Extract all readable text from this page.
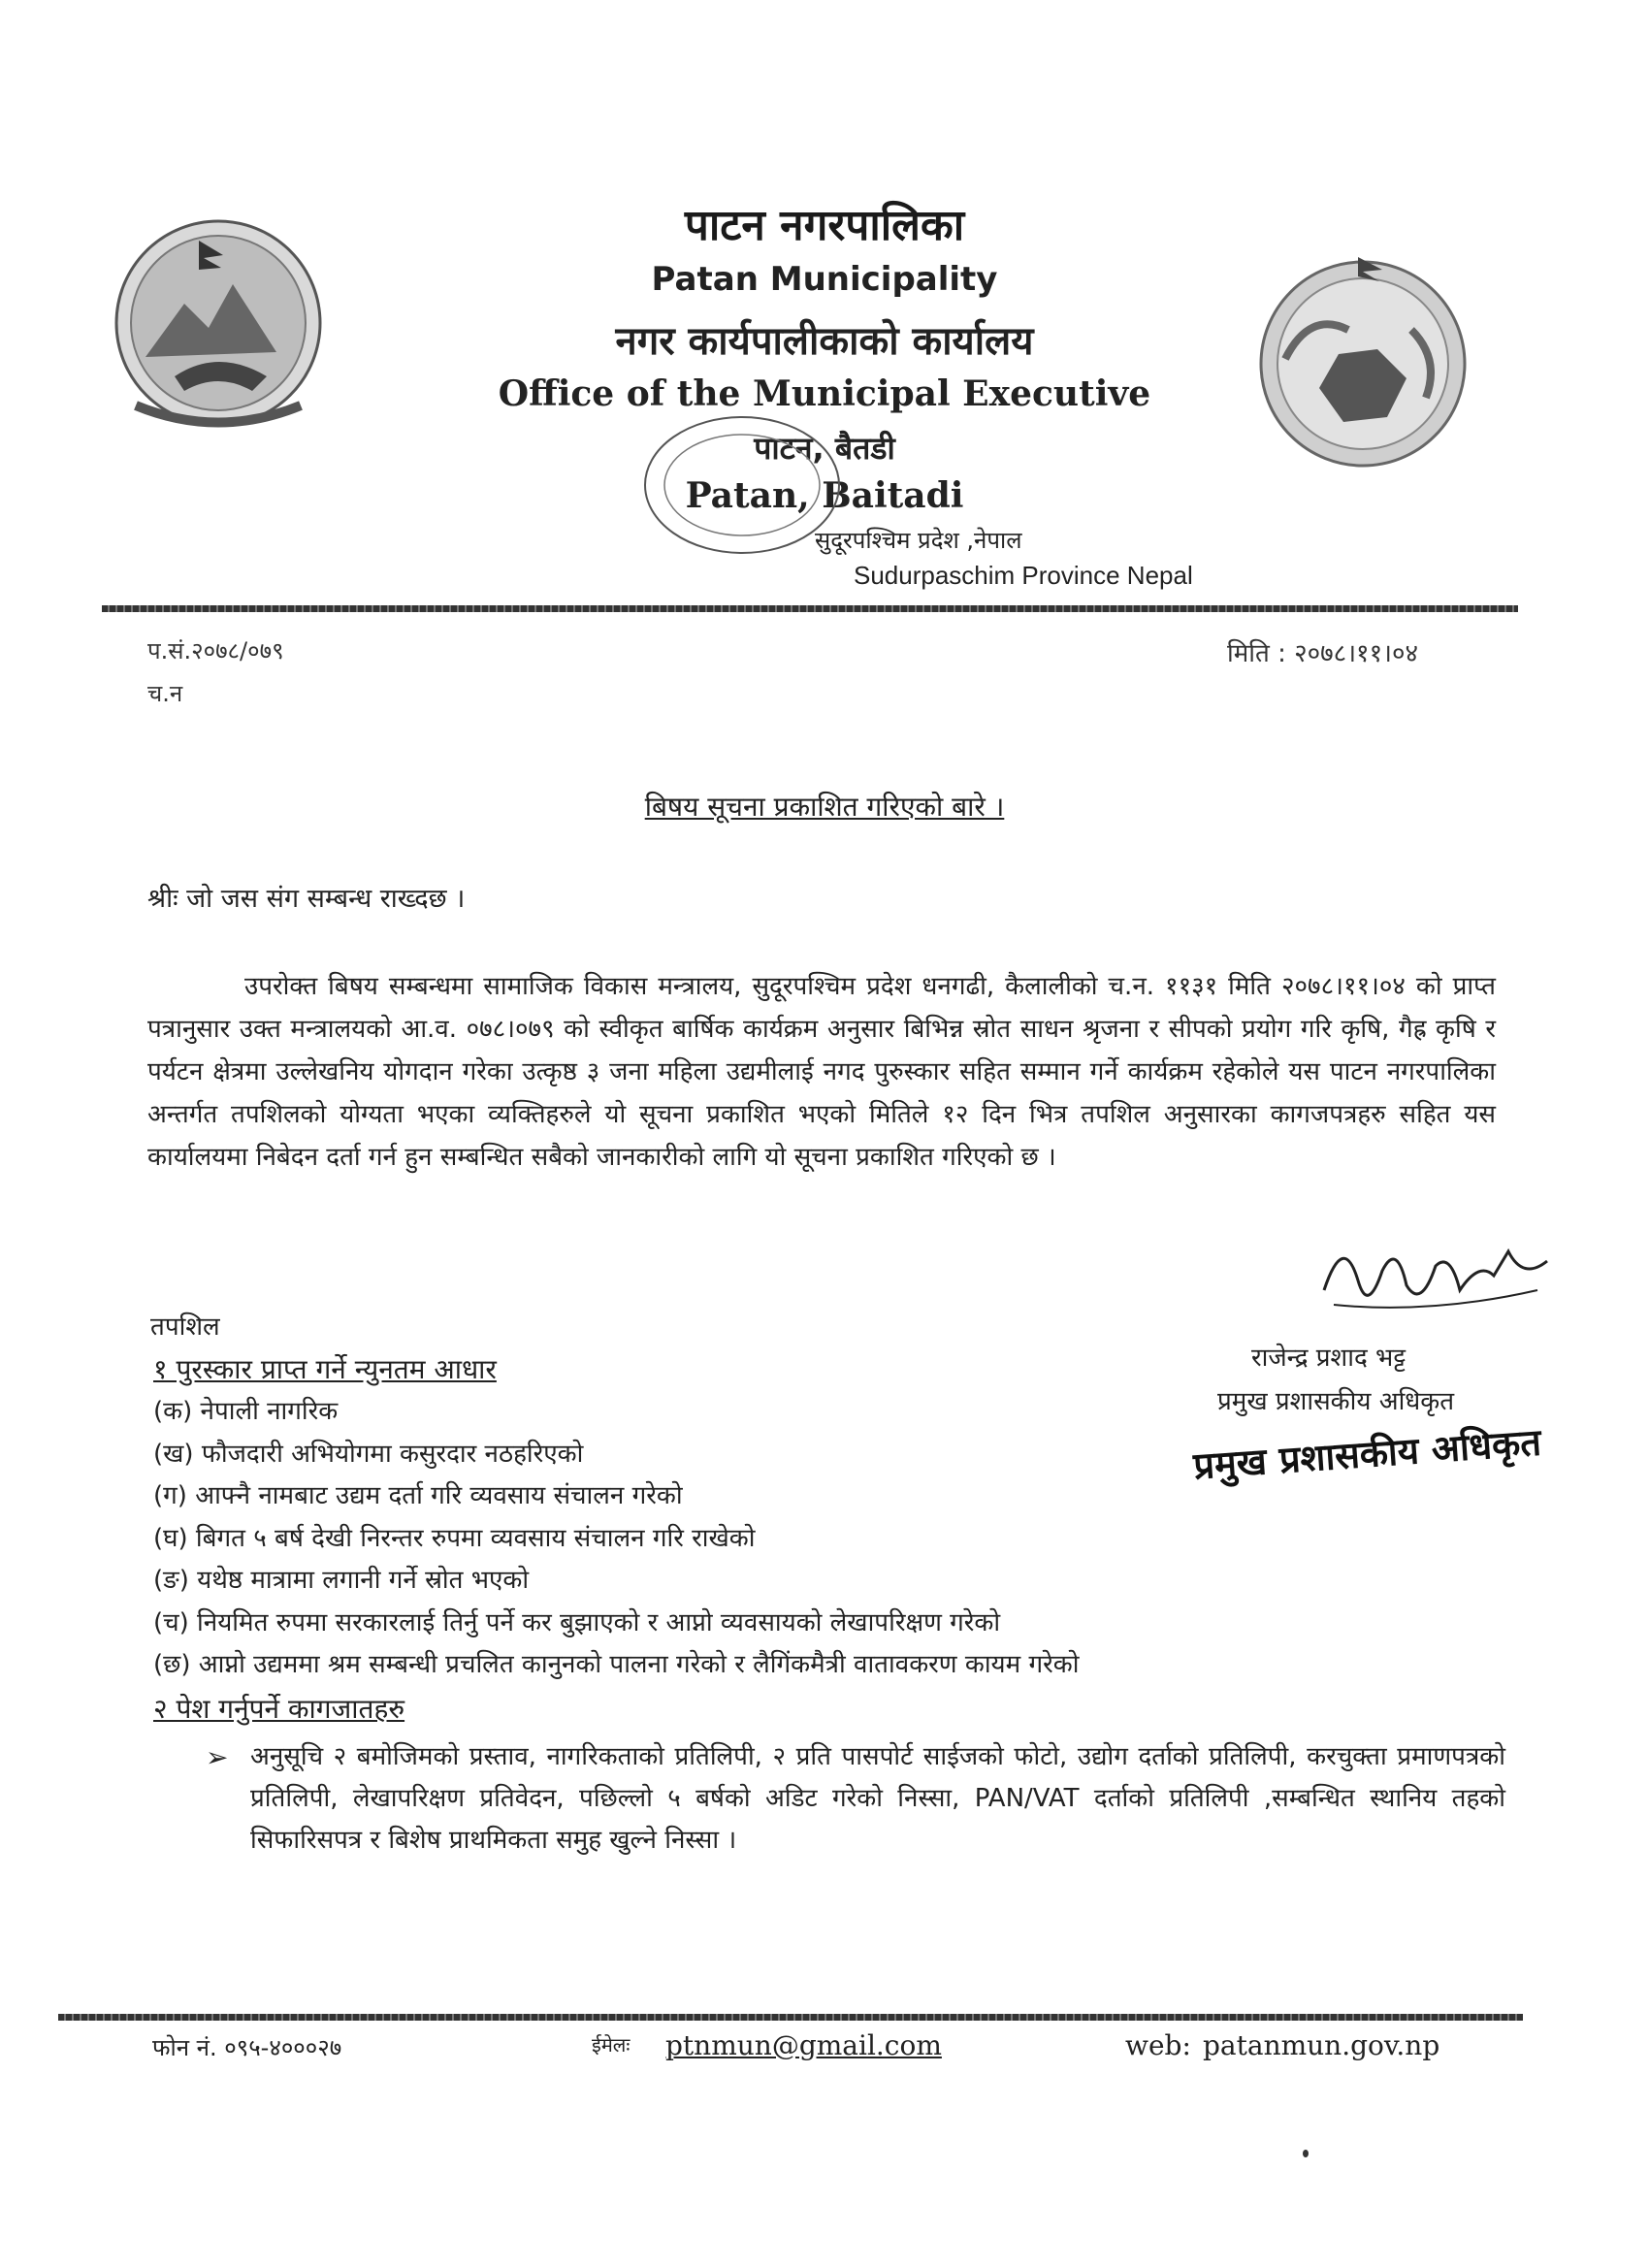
पाटन नगरपालिका
Patan Municipality
नगर कार्यपालीकाको कार्यालय
Office of the Municipal Executive
पाटन, बैतडी
Patan, Baitadi
सुदूरपश्चिम प्रदेश ,नेपाल
Sudurpaschim Province Nepal
प.सं.२०७८/०७९
च.न
मिति : २०७८।११।०४
बिषय सूचना प्रकाशित गरिएको बारे ।
श्रीः जो जस संग सम्बन्ध राख्दछ ।
उपरोक्त बिषय सम्बन्धमा सामाजिक विकास मन्त्रालय, सुदूरपश्चिम प्रदेश धनगढी, कैलालीको च.न. ११३१ मिति २०७८।११।०४ को प्राप्त पत्रानुसार उक्त मन्त्रालयको आ.व. ०७८।०७९ को स्वीकृत बार्षिक कार्यक्रम अनुसार बिभिन्न स्रोत साधन श्रृजना र सीपको प्रयोग गरि कृषि, गैह्र कृषि र पर्यटन क्षेत्रमा उल्लेखनिय योगदान गरेका उत्कृष्ठ ३ जना महिला उद्यमीलाई नगद पुरुस्कार सहित सम्मान गर्ने कार्यक्रम रहेकोले यस पाटन नगरपालिका अन्तर्गत तपशिलको योग्यता भएका व्यक्तिहरुले यो सूचना प्रकाशित भएको मितिले १२ दिन भित्र तपशिल अनुसारका कागजपत्रहरु सहित यस कार्यालयमा निबेदन दर्ता गर्न हुन सम्बन्धित सबैको जानकारीको लागि यो सूचना प्रकाशित गरिएको छ ।
राजेन्द्र प्रशाद भट्ट
प्रमुख प्रशासकीय अधिकृत
प्रमुख प्रशासकीय अधिकृत
तपशिल
१ पुरस्कार प्राप्त गर्ने न्युनतम आधार
(क) नेपाली नागरिक
(ख) फौजदारी अभियोगमा कसुरदार नठहरिएको
(ग) आफ्नै नामबाट उद्यम दर्ता गरि व्यवसाय संचालन गरेको
(घ) बिगत ५ बर्ष देखी निरन्तर रुपमा व्यवसाय संचालन गरि राखेको
(ङ) यथेष्ठ मात्रामा लगानी गर्ने स्रोत भएको
(च) नियमित रुपमा सरकारलाई तिर्नु पर्ने कर बुझाएको र आप्नो व्यवसायको लेखापरिक्षण गरेको
(छ) आप्नो उद्यममा श्रम सम्बन्धी प्रचलित कानुनको पालना गरेको र लैगिंकमैत्री वातावकरण कायम गरेको
२ पेश गर्नुपर्ने कागजातहरु
➢ अनुसूचि २ बमोजिमको प्रस्ताव, नागरिकताको प्रतिलिपी, २ प्रति पासपोर्ट साईजको फोटो, उद्योग दर्ताको प्रतिलिपी, करचुक्ता प्रमाणपत्रको प्रतिलिपी, लेखापरिक्षण प्रतिवेदन, पछिल्लो ५ बर्षको अडिट गरेको निस्सा, PAN/VAT दर्ताको प्रतिलिपी ,सम्बन्धित स्थानिय तहको सिफारिसपत्र र बिशेष प्राथमिकता समुह खुल्ने निस्सा ।
फोन नं. ०९५-४०००२७	ईमेलः ptnmun@gmail.com	web: patanmun.gov.np
